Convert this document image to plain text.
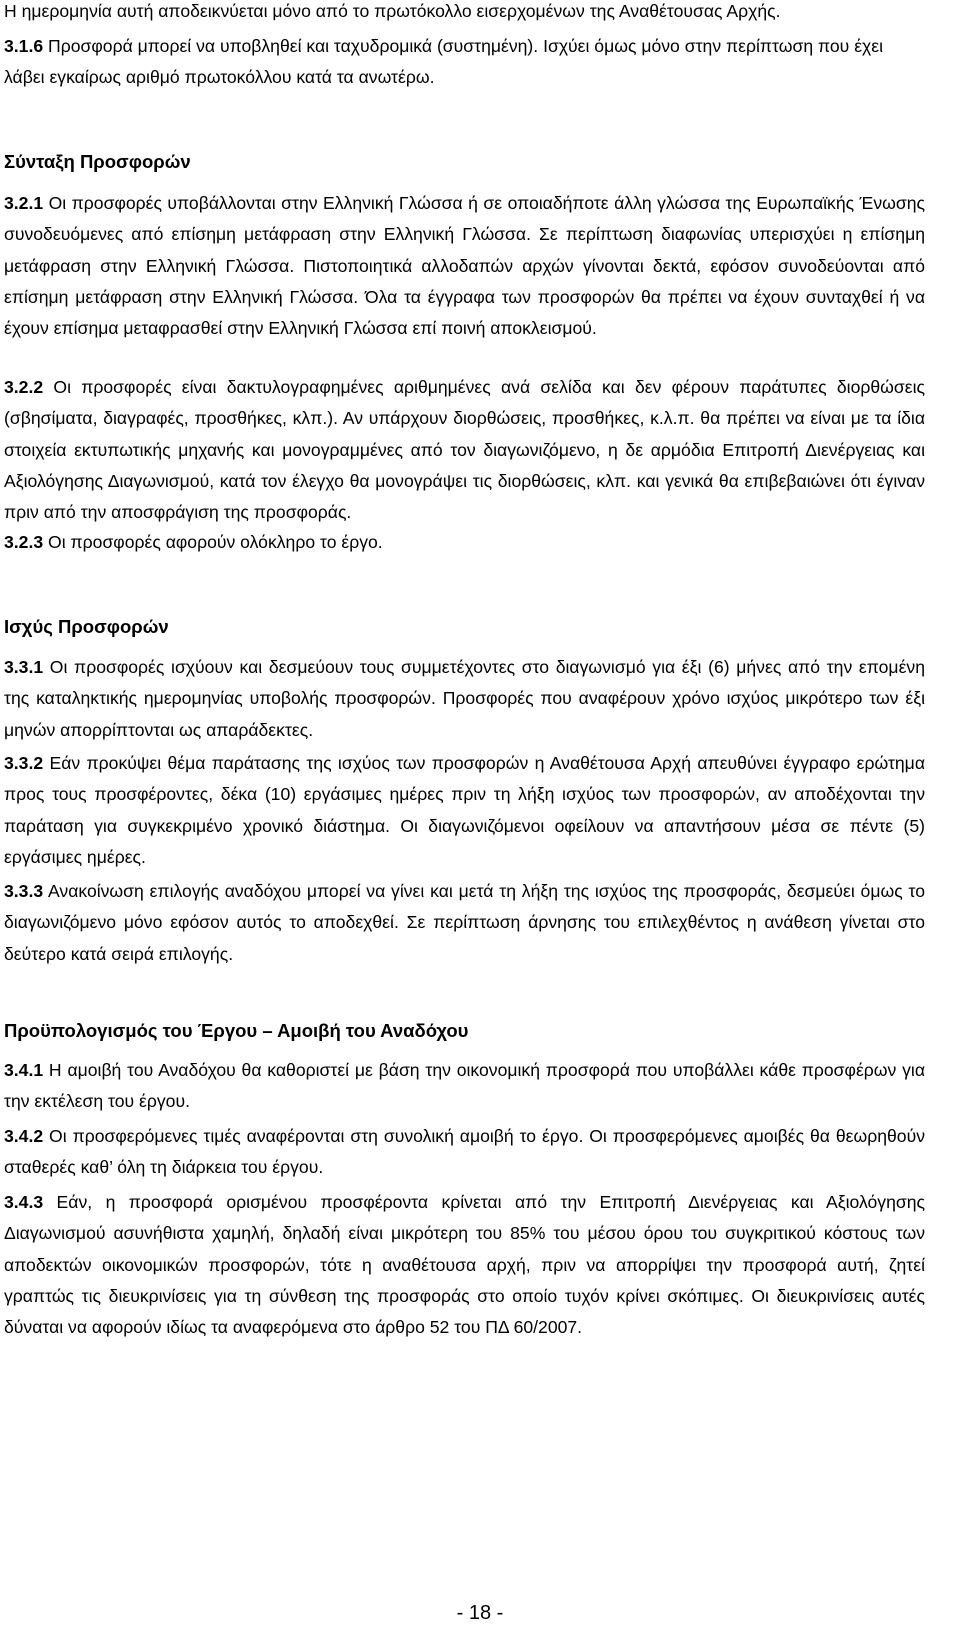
Η ημερομηνία αυτή αποδεικνύεται μόνο από το πρωτόκολλο εισερχομένων της Αναθέτουσας Αρχής.

3.1.6 Προσφορά μπορεί να υποβληθεί και ταχυδρομικά (συστημένη). Ισχύει όμως μόνο στην περίπτωση που έχει λάβει εγκαίρως αριθμό πρωτοκόλλου κατά τα ανωτέρω.

Σύνταξη Προσφορών

3.2.1 Οι προσφορές υποβάλλονται στην Ελληνική Γλώσσα ή σε οποιαδήποτε άλλη γλώσσα της Ευρωπαϊκής Ένωσης συνοδευόμενες από επίσημη μετάφραση στην Ελληνική Γλώσσα. Σε περίπτωση διαφωνίας υπερισχύει η επίσημη μετάφραση στην Ελληνική Γλώσσα. Πιστοποιητικά αλλοδαπών αρχών γίνονται δεκτά, εφόσον συνοδεύονται από επίσημη μετάφραση στην Ελληνική Γλώσσα. Όλα τα έγγραφα των προσφορών θα πρέπει να έχουν συνταχθεί ή να έχουν επίσημα μεταφρασθεί στην Ελληνική Γλώσσα επί ποινή αποκλεισμού.

3.2.2 Οι προσφορές είναι δακτυλογραφημένες αριθμημένες ανά σελίδα και δεν φέρουν παράτυπες διορθώσεις (σβησίματα, διαγραφές, προσθήκες, κλπ.). Αν υπάρχουν διορθώσεις, προσθήκες, κ.λ.π. θα πρέπει να είναι με τα ίδια στοιχεία εκτυπωτικής μηχανής και μονογραμμένες από τον διαγωνιζόμενο, η δε αρμόδια Επιτροπή Διενέργειας και Αξιολόγησης Διαγωνισμού, κατά τον έλεγχο θα μονογράψει τις διορθώσεις, κλπ. και γενικά θα επιβεβαιώνει ότι έγιναν πριν από την αποσφράγιση της προσφοράς.

3.2.3 Οι προσφορές αφορούν ολόκληρο το έργο.

Ισχύς Προσφορών

3.3.1 Οι προσφορές ισχύουν και δεσμεύουν τους συμμετέχοντες στο διαγωνισμό για έξι (6) μήνες από την επομένη της καταληκτικής ημερομηνίας υποβολής προσφορών. Προσφορές που αναφέρουν χρόνο ισχύος μικρότερο των έξι μηνών απορρίπτονται ως απαράδεκτες.

3.3.2 Εάν προκύψει θέμα παράτασης της ισχύος των προσφορών η Αναθέτουσα Αρχή απευθύνει έγγραφο ερώτημα προς τους προσφέροντες, δέκα (10) εργάσιμες ημέρες πριν τη λήξη ισχύος των προσφορών, αν αποδέχονται την παράταση για συγκεκριμένο χρονικό διάστημα. Οι διαγωνιζόμενοι οφείλουν να απαντήσουν μέσα σε πέντε (5) εργάσιμες ημέρες.

3.3.3 Ανακοίνωση επιλογής αναδόχου μπορεί να γίνει και μετά τη λήξη της ισχύος της προσφοράς, δεσμεύει όμως το διαγωνιζόμενο μόνο εφόσον αυτός το αποδεχθεί. Σε περίπτωση άρνησης του επιλεχθέντος η ανάθεση γίνεται στο δεύτερο κατά σειρά επιλογής.

Προϋπολογισμός του Έργου – Αμοιβή του Αναδόχου

3.4.1 Η αμοιβή του Αναδόχου θα καθοριστεί με βάση την οικονομική προσφορά που υποβάλλει κάθε προσφέρων για την εκτέλεση του έργου.

3.4.2 Οι προσφερόμενες τιμές αναφέρονται στη συνολική αμοιβή το έργο. Οι προσφερόμενες αμοιβές θα θεωρηθούν σταθερές καθ’ όλη τη διάρκεια του έργου.

3.4.3 Εάν, η προσφορά ορισμένου προσφέροντα κρίνεται από την Επιτροπή Διενέργειας και Αξιολόγησης Διαγωνισμού ασυνήθιστα χαμηλή, δηλαδή είναι μικρότερη του 85% του μέσου όρου του συγκριτικού κόστους των αποδεκτών οικονομικών προσφορών, τότε η αναθέτουσα αρχή, πριν να απορρίψει την προσφορά αυτή, ζητεί γραπτώς τις διευκρινίσεις για τη σύνθεση της προσφοράς στο οποίο τυχόν κρίνει σκόπιμες. Οι διευκρινίσεις αυτές δύναται να αφορούν ιδίως τα αναφερόμενα στο άρθρο 52 του ΠΔ 60/2007.

- 18 -
